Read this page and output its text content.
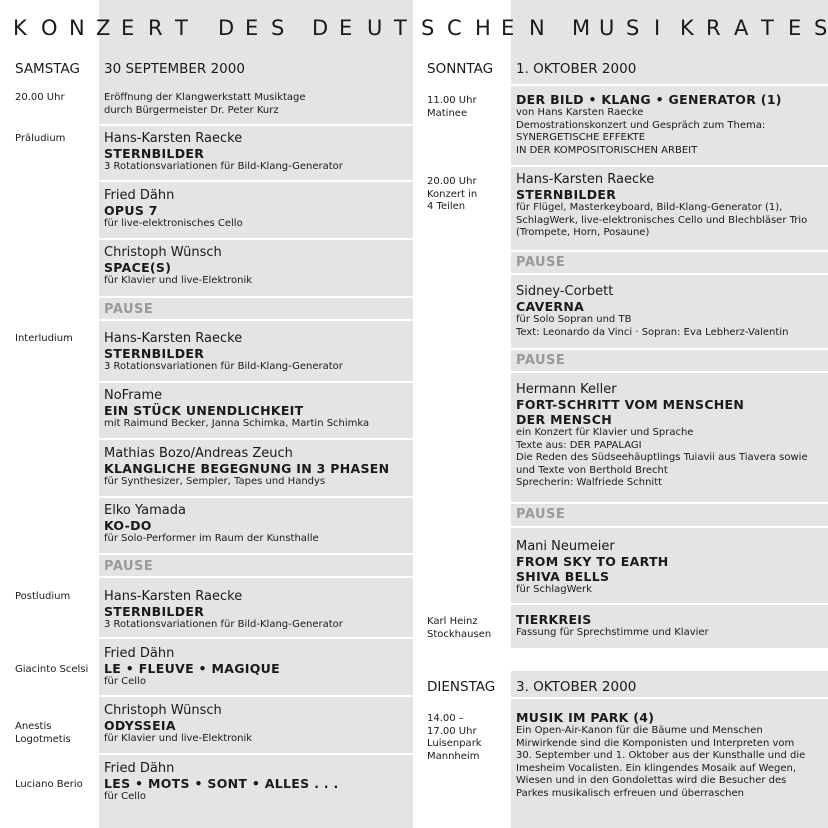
K O N Z E R T D E S D E U T S C H E N M U S I K R A T E S
SAMSTAG 30 SEPTEMBER 2000
20.00 Uhr	Eröffnung der Klangwerkstatt Musiktage
durch Bürgermeister Dr. Peter Kurz
Präludium
Interludium
Postludium
Giacinto Scelsi
Anestis
Logotmetis
Luciano Berio
PAUSE
PAUSE
Hans-Karsten Raecke
STERNBILDER
3 Rotationsvariationen für Bild-Klang-Generator
Fried Dähn
OPUS 7
für live-elektronisches Cello
Christoph Wünsch
SPACE(S)
für Klavier und live-Elektronik
Hans-Karsten Raecke
STERNBILDER
3 Rotationsvariationen für Bild-Klang-Generator
NoFrame
EIN STÜCK UNENDLICHKEIT
mit Raimund Becker, Janna Schimka, Martin Schimka
Mathias Bozo/Andreas Zeuch
KLANGLICHE BEGEGNUNG IN 3 PHASEN
für Synthesizer, Sempler, Tapes und Handys
Elko Yamada
KO-DO
für Solo-Performer im Raum der Kunsthalle
Hans-Karsten Raecke
STERNBILDER
3 Rotationsvariationen für Bild-Klang-Generator
Fried Dähn
LE • FLEUVE • MAGIQUE
für Cello
Christoph Wünsch
ODYSSEIA
für Klavier und live-Elektronik
Fried Dähn
LES • MOTS • SONT • ALLES . . .
für Cello
SONNTAG 1. OKTOBER 2000
11.00 Uhr
Matinee
20.00 Uhr
Konzert in
4 Teilen
Karl Heinz
Stockhausen
PAUSE
PAUSE
PAUSE
DER BILD • KLANG • GENERATOR (1)
von Hans Karsten Raecke
Demostrationskonzert und Gespräch zum Thema:
SYNERGETISCHE EFFEKTE
IN DER KOMPOSITORISCHEN ARBEIT
Hans-Karsten Raecke
STERNBILDER
für Flügel, Masterkeyboard, Bild-Klang-Generator (1),
SchlagWerk, live-elektronisches Cello und Blechbläser Trio
(Trompete, Horn, Posaune)
Sidney-Corbett
CAVERNA
für Solo Sopran und TB
Text: Leonardo da Vinci · Sopran: Eva Lebherz-Valentin
Hermann Keller
FORT-SCHRITT VOM MENSCHEN
DER MENSCH
ein Konzert für Klavier und Sprache
Texte aus: DER PAPALAGI
Die Reden des Südseehäuptlings Tuiavii aus Tiavera sowie
und Texte von Berthold Brecht
Sprecherin: Walfriede Schnitt
Mani Neumeier
FROM SKY TO EARTH
SHIVA BELLS
für SchlagWerk
TIERKREIS
Fassung für Sprechstimme und Klavier
DIENSTAG 3. OKTOBER 2000
14.00 –
17.00 Uhr
Luisenpark
Mannheim
MUSIK IM PARK (4)
Ein Open-Air-Kanon für die Bäume und Menschen
Mirwirkende sind die Komponisten und Interpreten vom
30. September und 1. Oktober aus der Kunsthalle und die
Imesheim Vocalisten. Ein klingendes Mosaik auf Wegen,
Wiesen und in den Gondolettas wird die Besucher des
Parkes musikalisch erfreuen und überraschen
